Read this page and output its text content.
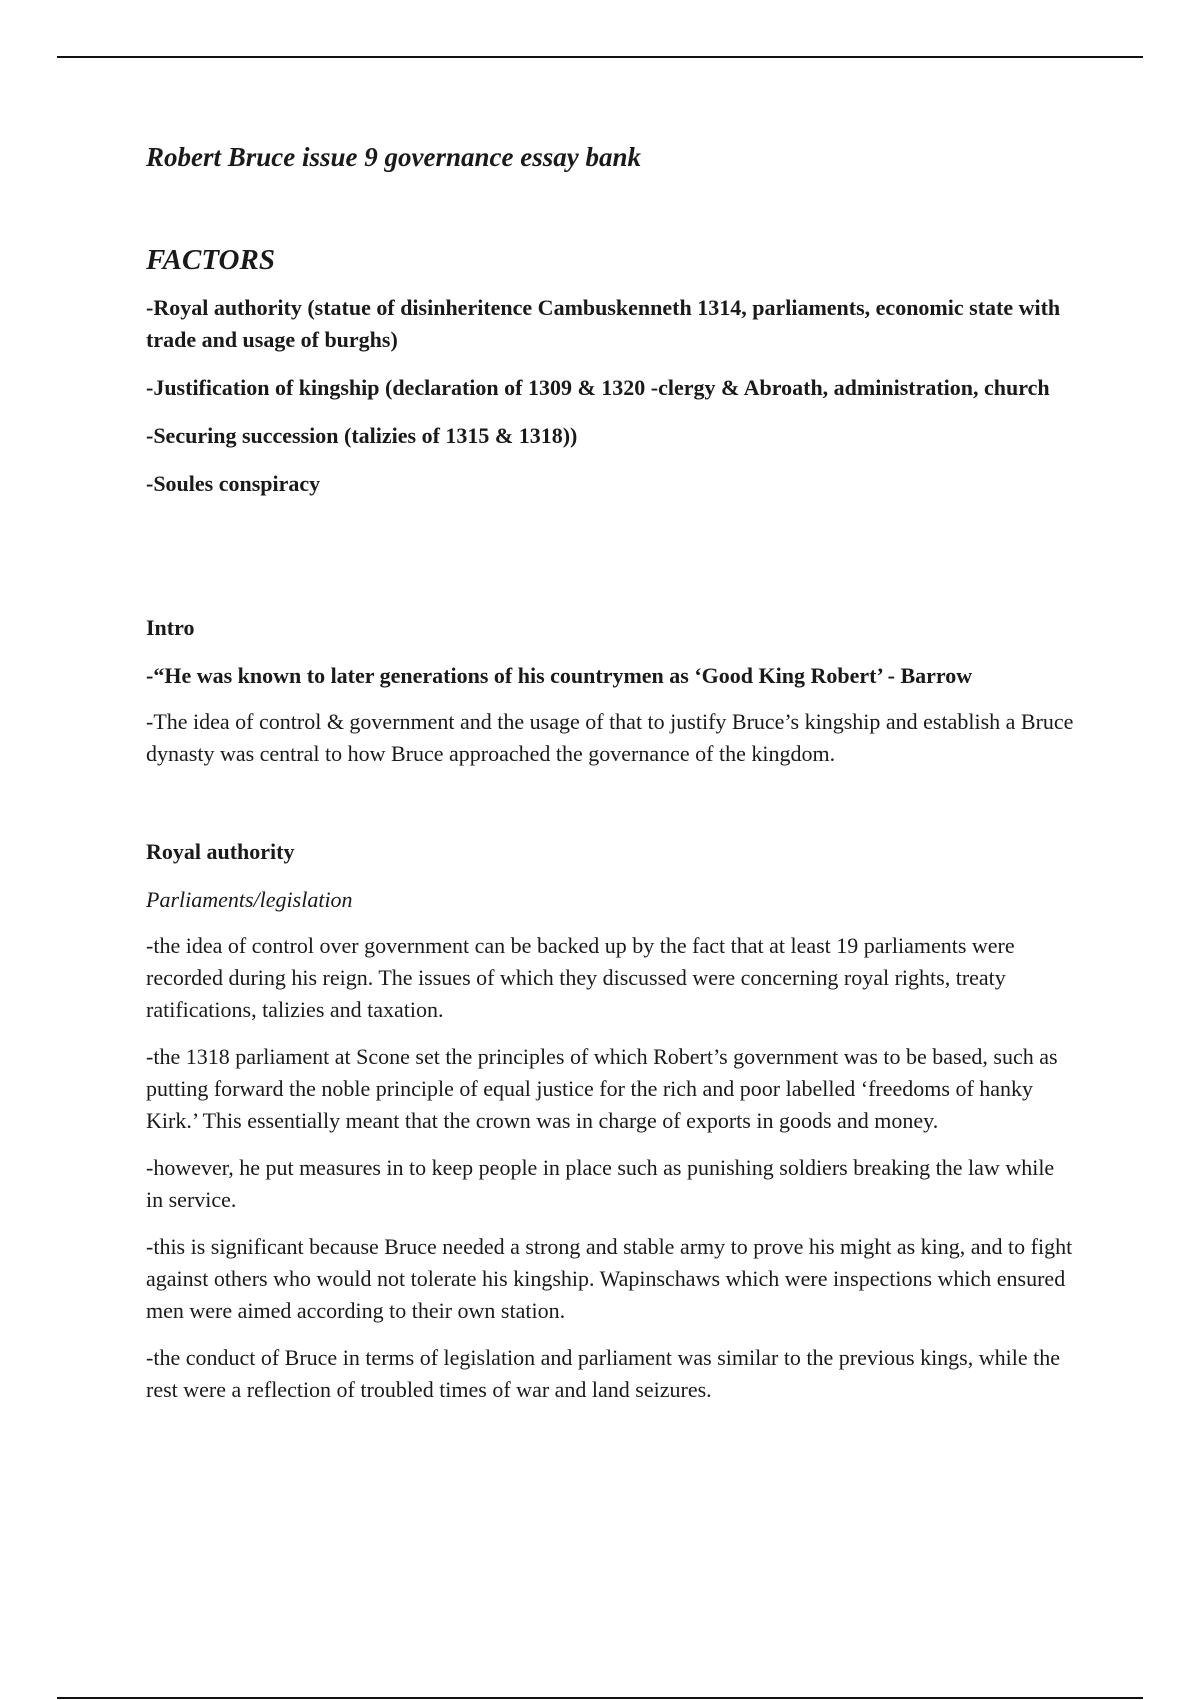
Robert Bruce issue 9 governance essay bank
FACTORS

-Royal authority (statue of disinheritence Cambuskenneth 1314, parliaments, economic state with trade and usage of burghs)

-Justification of kingship (declaration of 1309 & 1320 -clergy & Abroath, administration, church

-Securing succession (talizies of 1315 & 1318))

-Soules conspiracy

Intro

-“He was known to later generations of his countrymen as ‘Good King Robert’ - Barrow

-The idea of control & government and the usage of that to justify Bruce’s kingship and establish a Bruce dynasty was central to how Bruce approached the governance of the kingdom.

Royal authority

Parliaments/legislation

-the idea of control over government can be backed up by the fact that at least 19 parliaments were recorded during his reign. The issues of which they discussed were concerning royal rights, treaty ratifications, talizies and taxation.

-the 1318 parliament at Scone set the principles of which Robert’s government was to be based, such as putting forward the noble principle of equal justice for the rich and poor labelled ‘freedoms of hanky Kirk.’ This essentially meant that the crown was in charge of exports in goods and money.

-however, he put measures in to keep people in place such as punishing soldiers breaking the law while in service.

-this is significant because Bruce needed a strong and stable army to prove his might as king, and to fight against others who would not tolerate his kingship. Wapinschaws which were inspections which ensured men were aimed according to their own station.

-the conduct of Bruce in terms of legislation and parliament was similar to the previous kings, while the rest were a reflection of troubled times of war and land seizures.
